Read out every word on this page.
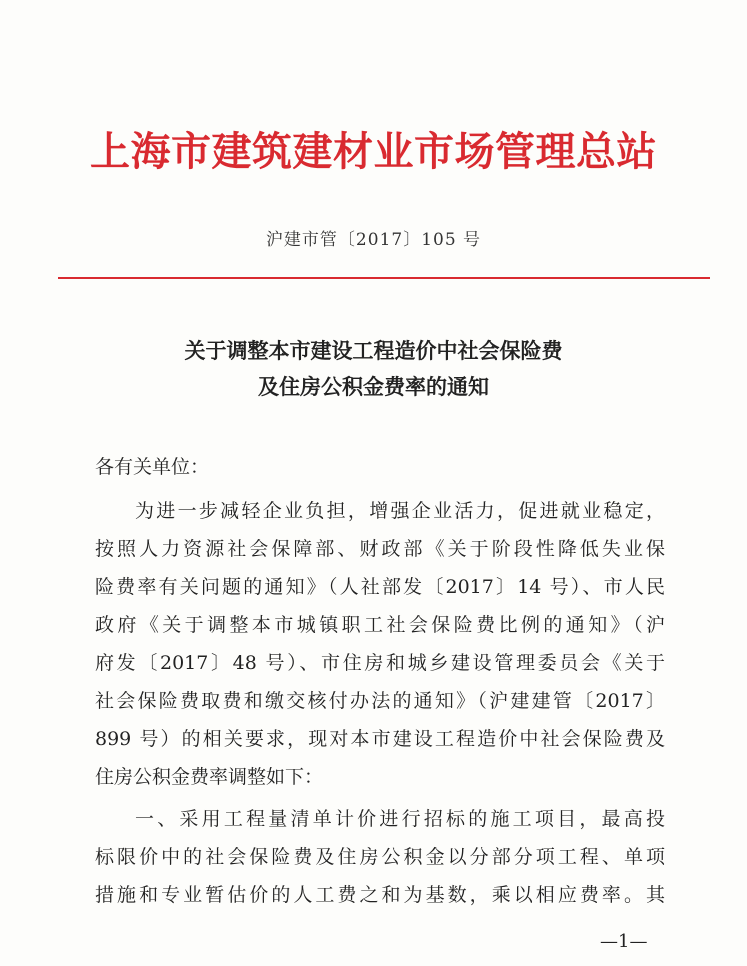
上海市建筑建材业市场管理总站
沪建市管〔2017〕105 号
关于调整本市建设工程造价中社会保险费
及住房公积金费率的通知
各有关单位：
为进一步减轻企业负担，增强企业活力，促进就业稳定，
按照人力资源社会保障部、财政部《关于阶段性降低失业保
险费率有关问题的通知》（人社部发〔2017〕14 号）、市人民
政府《关于调整本市城镇职工社会保险费比例的通知》（沪
府发〔2017〕48 号）、市住房和城乡建设管理委员会《关于
社会保险费取费和缴交核付办法的通知》（沪建建管〔2017〕
899 号）的相关要求，现对本市建设工程造价中社会保险费及
住房公积金费率调整如下：
一、采用工程量清单计价进行招标的施工项目，最高投
标限价中的社会保险费及住房公积金以分部分项工程、单项
措施和专业暂估价的人工费之和为基数，乘以相应费率。其
—1—
